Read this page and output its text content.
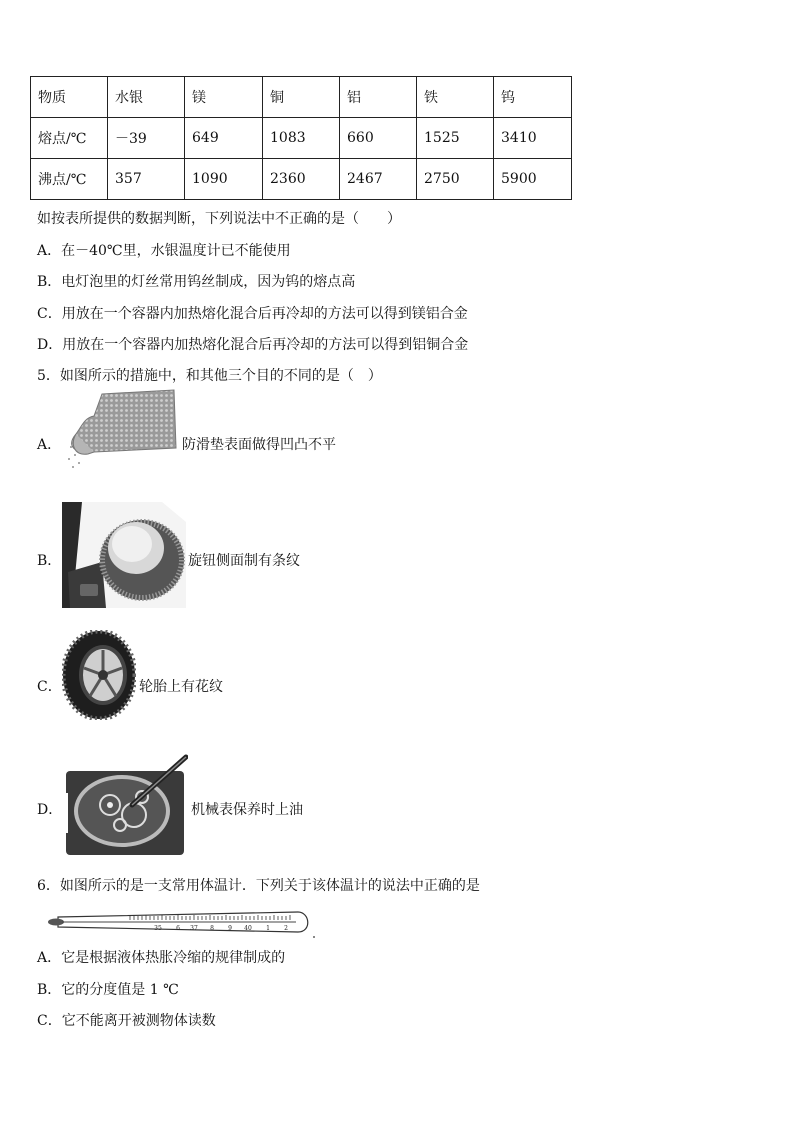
物质	水银	镁	铜	铝	铁	钨
熔点/℃	－39	649	1083	660	1525	3410
沸点/℃	357	1090	2360	2467	2750	5900
如按表所提供的数据判断，下列说法中不正确的是（　　）
A．在－40℃里，水银温度计已不能使用
B．电灯泡里的灯丝常用钨丝制成，因为钨的熔点高
C．用放在一个容器内加热熔化混合后再冷却的方法可以得到镁铝合金
D．用放在一个容器内加热熔化混合后再冷却的方法可以得到铝铜合金
5．如图所示的措施中，和其他三个目的不同的是（　）
A．	防滑垫表面做得凹凸不平
B．	旋钮侧面制有条纹
C．	轮胎上有花纹
D．	机械表保养时上油
6．如图所示的是一支常用体温计．下列关于该体温计的说法中正确的是
35 6 37 8 9 40 1 2
A．它是根据液体热胀冷缩的规律制成的
B．它的分度值是 1 ℃
C．它不能离开被测物体读数
